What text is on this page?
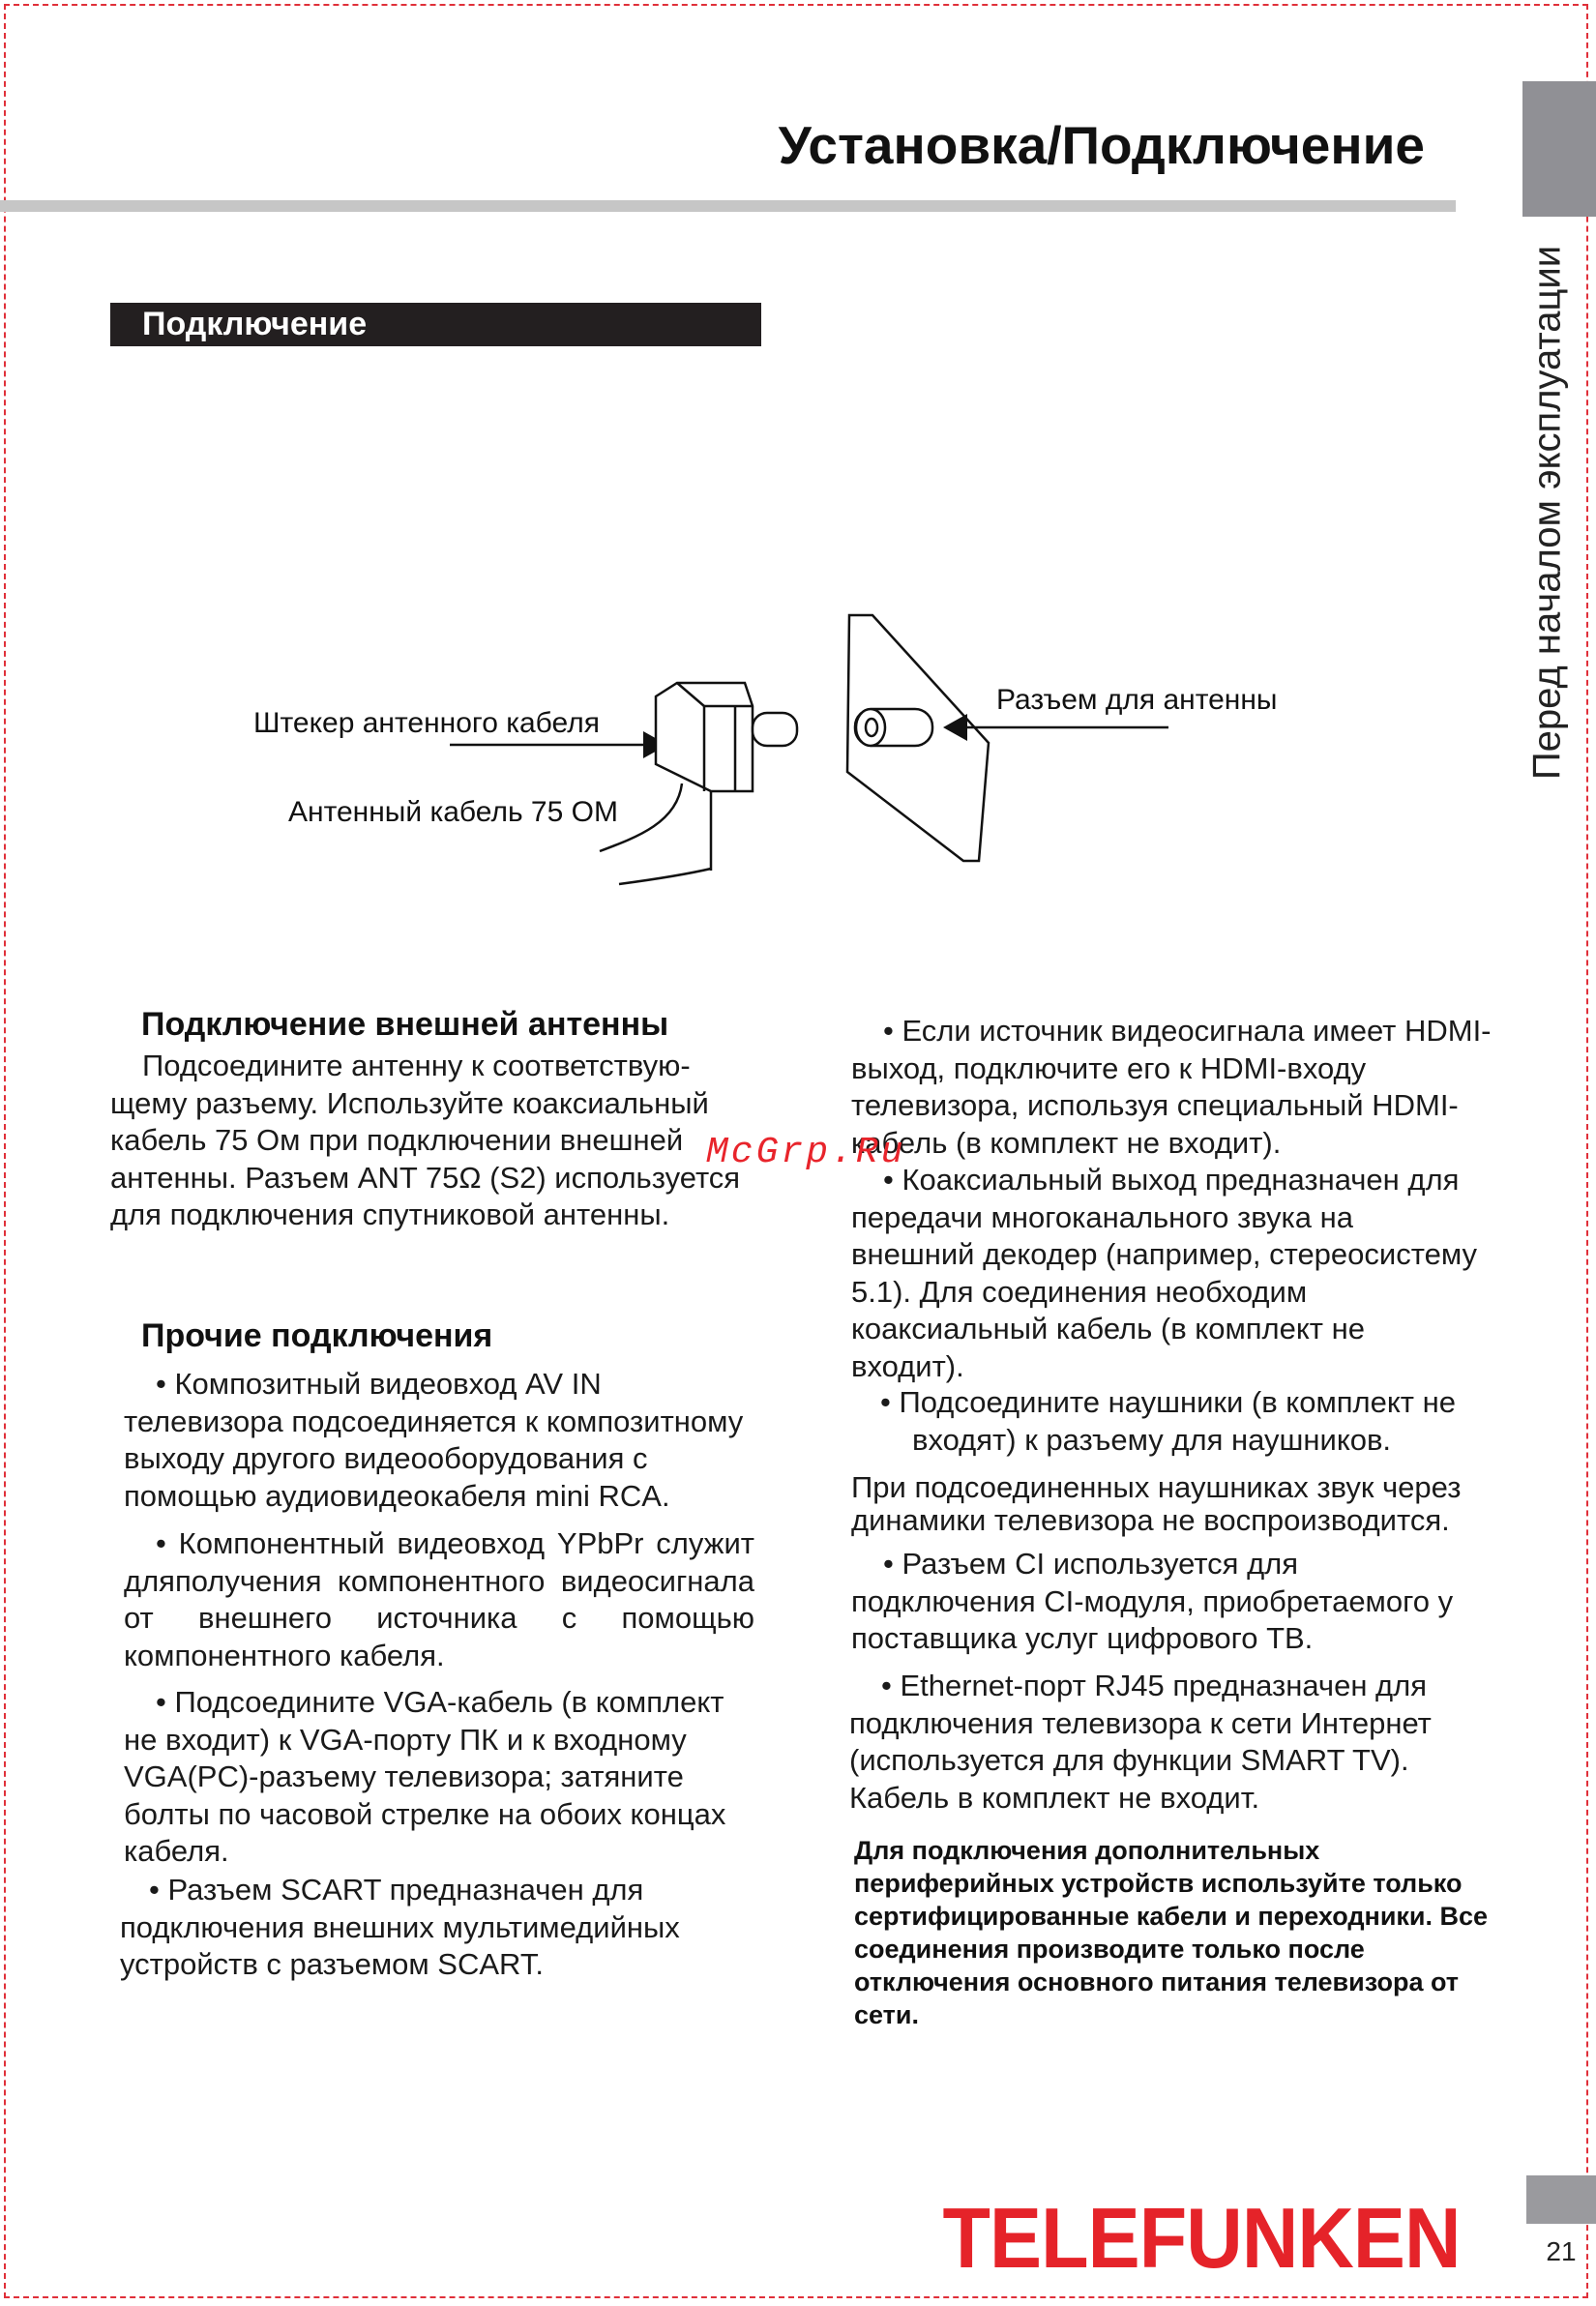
Перед началом эксплуатации
Установка/Подключение
Подключение
Штекер антенного кабеля
Антенный кабель 75 ОМ
Разъем для антенны
Подключение внешней антенны

Подсоедините антенну к соответствую-щему разъему. Используйте коаксиальный кабель 75 Ом при подключении внешней антенны. Разъем ANT 75Ω (S2) используется для подключения спутниковой антенны.

Прочие подключения

• Композитный видеовход AV IN телевизора подсоединяется к композитному выходу другого видеооборудования с помощью аудиовидеокабеля mini RCA.

• Компонентный видеовход YPbPr служит дляполучения компонентного видеосигнала от внешнего источника с помощью компонентного кабеля.

• Подсоедините VGA-кабель (в комплект не входит) к VGA-порту ПК и к входному VGA(PC)-разъему телевизора; затяните болты по часовой стрелке на обоих концах кабеля.

• Разъем SCART предназначен для подключения внешних мультимедийных устройств с разъемом SCART.

• Если источник видеосигнала имеет HDMI-выход, подключите его к HDMI-входу телевизора, используя специальный HDMI-кабель (в комплект не входит).

• Коаксиальный выход предназначен для передачи многоканального звука на внешний декодер (например, стереосистему 5.1). Для соединения необходим коаксиальный кабель (в комплект не входит).

• Подсоедините наушники (в комплект не входят) к разъему для наушников.

При подсоединенных наушниках звук через динамики телевизора не воспроизводится.

• Разъем CI используется для подключения CI-модуля, приобретаемого у поставщика услуг цифрового ТВ.

• Ethernet-порт RJ45 предназначен для подключения телевизора к сети Интернет (используется для функции SMART TV). Кабель в комплект не входит.

Для подключения дополнительных периферийных устройств используйте только сертифицированные кабели и переходники. Все соединения производите только после отключения основного питания телевизора от сети.

McGrp.Ru
TELEFUNKEN	21
